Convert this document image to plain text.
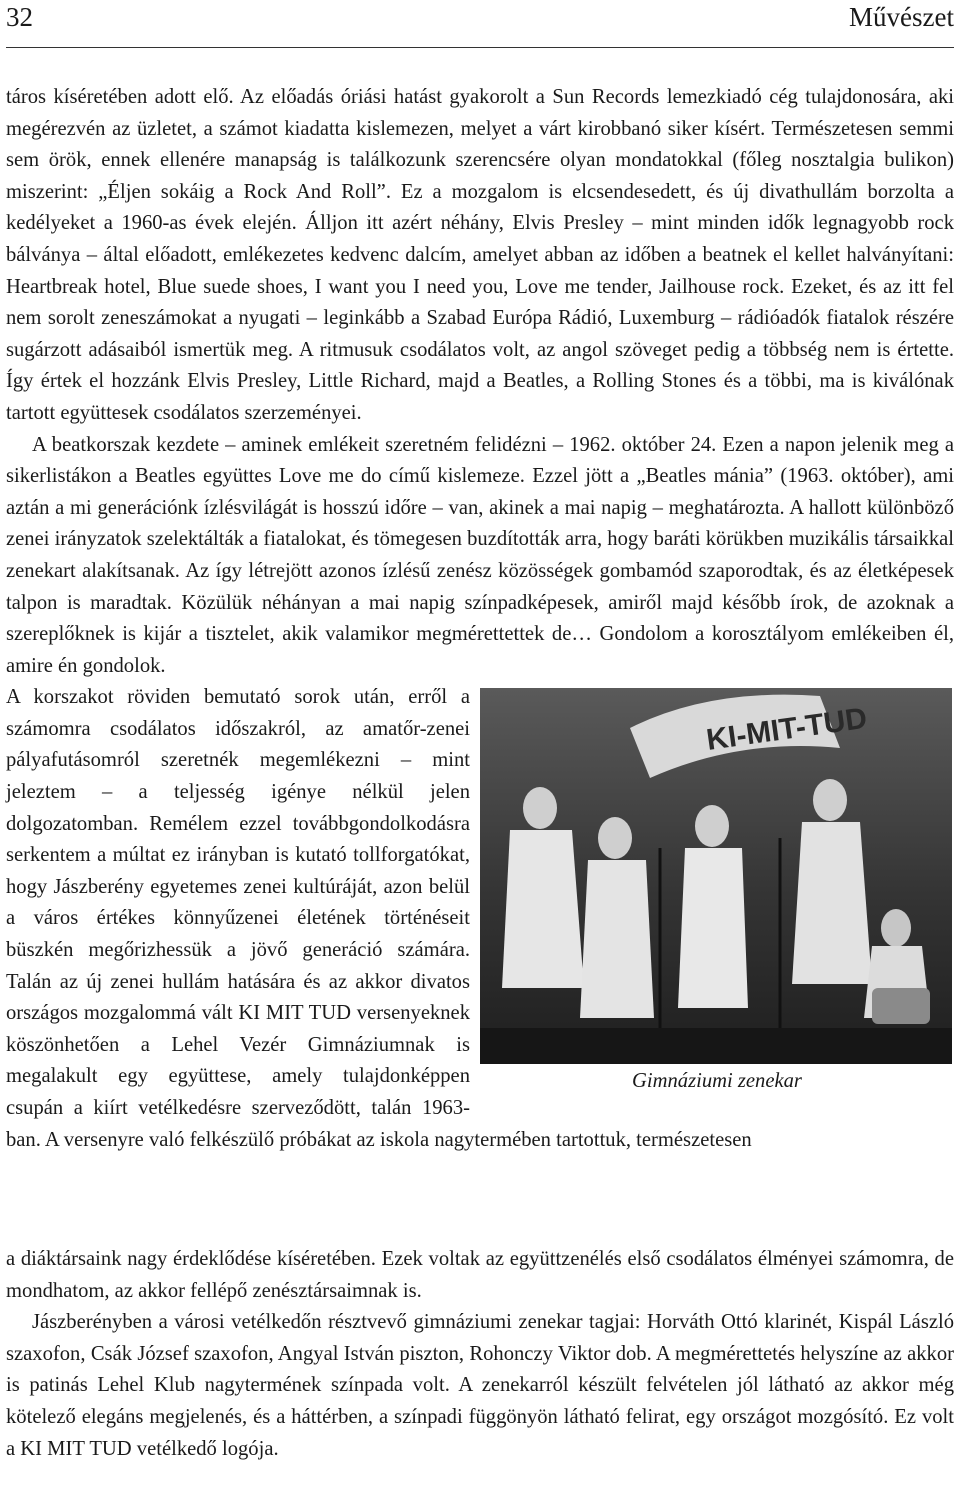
32	Művészet

táros kíséretében adott elő. Az előadás óriási hatást gyakorolt a Sun Records lemezkiadó cég tulajdonosára, aki megérezvén az üzletet, a számot kiadatta kislemezen, melyet a várt kirobbanó siker kísért. Természetesen semmi sem örök, ennek ellenére manapság is találkozunk szerencsére olyan mondatokkal (főleg nosztalgia bulikon) miszerint: „Éljen sokáig a Rock And Roll”. Ez a mozgalom is elcsendesedett, és új divathullám borzolta a kedélyeket a 1960-as évek elején. Álljon itt azért néhány, Elvis Presley – mint minden idők legnagyobb rock bálványa – által előadott, emlékezetes kedvenc dalcím, amelyet abban az időben a beatnek el kellet halványítani: Heartbreak hotel, Blue suede shoes, I want you I need you, Love me tender, Jailhouse rock. Ezeket, és az itt fel nem sorolt zeneszámokat a nyugati – leginkább a Szabad Európa Rádió, Luxemburg – rádióadók fiatalok részére sugárzott adásaiból ismertük meg. A ritmusuk csodálatos volt, az angol szöveget pedig a többség nem is értette. Így értek el hozzánk Elvis Presley, Little Richard, majd a Beatles, a Rolling Stones és a többi, ma is kiválónak tartott együttesek csodálatos szerzeményei.

A beatkorszak kezdete – aminek emlékeit szeretném felidézni – 1962. október 24. Ezen a napon jelenik meg a sikerlistákon a Beatles együttes Love me do című kislemeze. Ezzel jött a „Beatles mánia” (1963. október), ami aztán a mi generációnk ízlésvilágát is hosszú időre – van, akinek a mai napig – meghatározta. A hallott különböző zenei irányzatok szelektálták a fiatalokat, és tömegesen buzdították arra, hogy baráti körükben muzikális társaikkal zenekart alakítsanak. Az így létrejött azonos ízlésű zenész közösségek gombamód szaporodtak, és az életképesek talpon is maradtak. Közülük néhányan a mai napig színpadképesek, amiről majd később írok, de azoknak a szereplőknek is kijár a tisztelet, akik valamikor megmérettettek de… Gondolom a korosztályom emlékeiben él, amire én gondolok.

KI-MIT-TUD
Gimnáziumi zenekar
A korszakot röviden bemutató sorok után, erről a számomra csodálatos időszakról, az amatőr-zenei pályafutásomról szeretnék megemlékezni – mint jeleztem – a teljesség igénye nélkül jelen dolgozatomban. Remélem ezzel továbbgondolkodásra serkentem a múltat ez irányban is kutató tollforgatókat, hogy Jászberény egyetemes zenei kultúráját, azon belül a város értékes könnyűzenei életének történéseit büszkén megőrizhessük a jövő generáció számára. Talán az új zenei hullám hatására és az akkor divatos országos mozgalommá vált KI MIT TUD versenyeknek köszönhetően a Lehel Vezér Gimnáziumnak is megalakult egy együttese, amely tulajdonképpen csupán a kiírt vetélkedésre szerveződött, talán 1963-ban. A versenyre való felkészülő próbákat az iskola nagytermében tartottuk, természetesen

a diáktársaink nagy érdeklődése kíséretében. Ezek voltak az együttzenélés első csodálatos élményei számomra, de mondhatom, az akkor fellépő zenésztársaimnak is.

Jászberényben a városi vetélkedőn résztvevő gimnáziumi zenekar tagjai: Horváth Ottó klarinét, Kispál László szaxofon, Csák József szaxofon, Angyal István piszton, Rohonczy Viktor dob. A megmérettetés helyszíne az akkor is patinás Lehel Klub nagytermének színpada volt. A zenekarról készült felvételen jól látható az akkor még kötelező elegáns megjelenés, és a háttérben, a színpadi függönyön látható felirat, egy országot mozgósító. Ez volt a KI MIT TUD vetélkedő logója.
